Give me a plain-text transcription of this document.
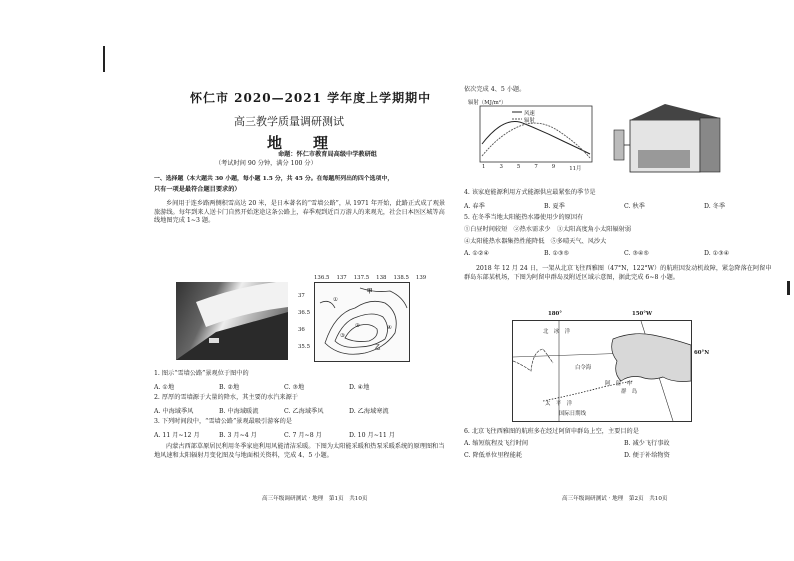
怀仁市 2020—2021 学年度上学期期中
高三教学质量调研测试
地　理
命题：怀仁市教育局高级中学教研组
（考试时间 90 分钟，满分 100 分）
一、选择题（本大题共 30 小题，每小题 1.5 分，共 45 分。在每题所列出的四个选项中，
只有一项是最符合题目要求的）
乡间用于连乡路两侧积雪高达 20 米，是日本著名的“雪墙公路”，从 1971 年开始，此路正式成了观景旅游线。每年到来人送卡门自然开始迷途这条公路上，春季观到近百万游人的来观光，社会日本医区城等高线地图完成 1~3 题。
甲
乙
①
②
③
④
136.5 137 137.5 138 138.5 139
37
36.5
36
35.5
1. 图示“雪墙公路”景观位于图中的
A. ①地	B. ②地	C. ③地	D. ④地
2. 厚厚的雪墙源于大量的降水，其主要的水汽来源于
A. 中海域季风	B. 中海域暖流	C. 乙海域季风	D. 乙海域寒流
3. 下列时间段中，“雪墙公路”景观最吸引游客的是
A. 11 月~12 月	B. 3 月~4 月	C. 7 月~8 月	D. 10 月~11 月
内蒙古西部草原居民利用冬季家庭利用风能清洁采暖。下图为太阳能采暖和热泵采暖系统的原理图和当地风速和太阳辐射月变化图及与地面相关资料，完成 4、5 小题。
高三年级调研测试 · 地理　第1页　共10页
依次完成 4、5 小题。
辐射（MJ/m²）
风速
辐射
1	3	5	7	9	11月
4. 该家庭能源利用方式能源供应最紧张的季节是
A. 春季	B. 夏季	C. 秋季	D. 冬季
5. 在冬季当地太阳能热水器使用少的原因有
①白昼时间较短　②热水需求少　③太阳高度角小太阳辐射弱
④太阳能热水器集热性能降低　⑤多晴天气、风沙大
A. ①②④	B. ①③⑤	C. ③④⑤	D. ①③④
2018 年 12 月 24 日，一架从北京飞往西雅图（47°N，122°W）的航班因发动机故障，紧急降落在阿留申群岛东部某机场，下图为阿留申群岛及附近区域示意图，据此完成 6~8 小题。
180°	150°W
北　冰　洋
白令海
阿　留　申
群　岛
太　平　洋
国际日期线
60°N
6. 北京飞往西雅图的航班多在经过阿留申群岛上空，主要目的是
A. 缩短航程及飞行时间	B. 减少飞行事故
C. 降低单位里程能耗	D. 便于补给物资
高三年级调研测试 · 地理　第2页　共10页
